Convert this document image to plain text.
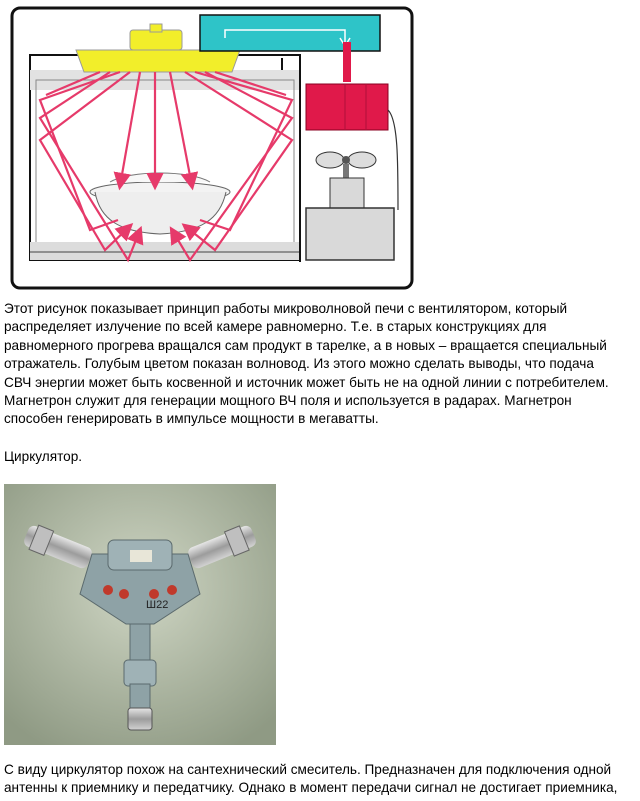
Этот рисунок показывает принцип работы микроволновой печи с вентилятором, который
распределяет излучение по всей камере равномерно. Т.е. в старых конструкциях для
равномерного прогрева вращался сам продукт в тарелке, а в новых – вращается специальный
отражатель. Голубым цветом показан волновод. Из этого можно сделать выводы, что подача
СВЧ энергии может быть косвенной и источник может быть не на одной линии с потребителем.
Магнетрон служит для генерации мощного ВЧ поля и используется в радарах. Магнетрон
способен генерировать в импульсе мощности в мегаватты.
Циркулятор.
Ш22
С виду циркулятор похож на сантехнический смеситель. Предназначен для подключения одной
антенны к приемнику и передатчику. Однако в момент передачи сигнал не достигает приемника,
